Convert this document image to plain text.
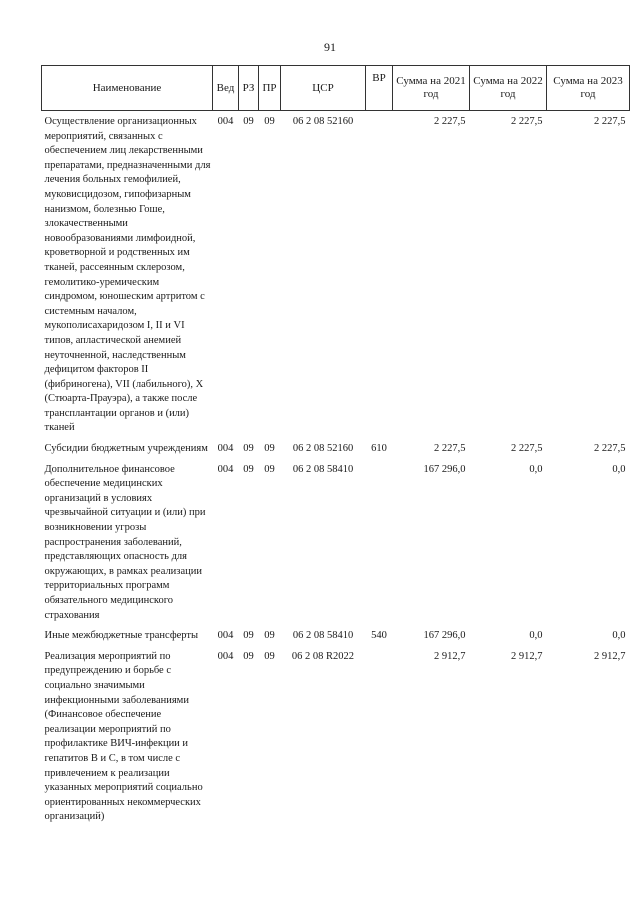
91
Наименование	Вед	РЗ	ПР	ЦСР	ВР	Сумма на 2021 год	Сумма на 2022 год	Сумма на 2023 год
Осуществление организационных мероприятий, связанных с обеспечением лиц лекарственными препаратами, предназначенными для лечения больных гемофилией, муковисцидозом, гипофизарным нанизмом, болезнью Гоше, злокачественными новообразованиями лимфоидной, кроветворной и родственных им тканей, рассеянным склерозом, гемолитико-уремическим синдромом, юношеским артритом с системным началом, мукополисахаридозом I, II и VI типов, апластической анемией неуточненной, наследственным дефицитом факторов II (фибриногена), VII (лабильного), X (Стюарта-Прауэра), а также после трансплантации органов и (или) тканей	004	09	09	06 2 08 52160		2 227,5	2 227,5	2 227,5
Субсидии бюджетным учреждениям	004	09	09	06 2 08 52160	610	2 227,5	2 227,5	2 227,5
Дополнительное финансовое обеспечение медицинских организаций в условиях чрезвычайной ситуации и (или) при возникновении угрозы распространения заболеваний, представляющих опасность для окружающих, в рамках реализации территориальных программ обязательного медицинского страхования	004	09	09	06 2 08 58410		167 296,0	0,0	0,0
Иные межбюджетные трансферты	004	09	09	06 2 08 58410	540	167 296,0	0,0	0,0
Реализация мероприятий по предупреждению и борьбе с социально значимыми инфекционными заболеваниями (Финансовое обеспечение реализации мероприятий по профилактике ВИЧ-инфекции и гепатитов В и С, в том числе с привлечением к реализации указанных мероприятий социально ориентированных некоммерческих организаций)	004	09	09	06 2 08 R2022		2 912,7	2 912,7	2 912,7
